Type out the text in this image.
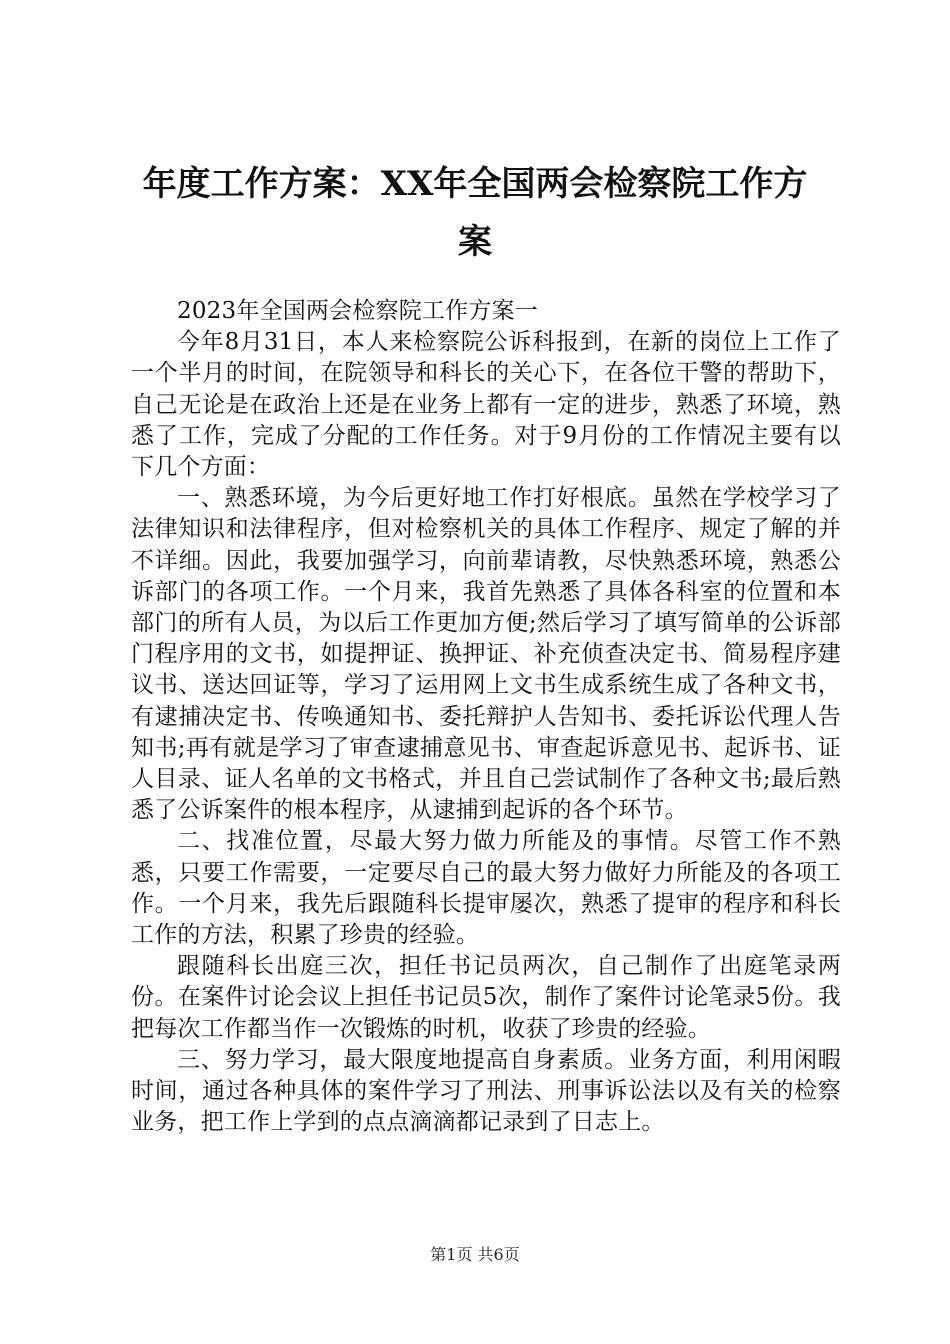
年度工作方案：XX年全国两会检察院工作方
案

2023年全国两会检察院工作方案一

今年8月31日，本人来检察院公诉科报到，在新的岗位上工作了一个半月的时间，在院领导和科长的关心下，在各位干警的帮助下，自己无论是在政治上还是在业务上都有一定的进步，熟悉了环境，熟悉了工作，完成了分配的工作任务。对于9月份的工作情况主要有以下几个方面：

一、熟悉环境，为今后更好地工作打好根底。虽然在学校学习了法律知识和法律程序，但对检察机关的具体工作程序、规定了解的并不详细。因此，我要加强学习，向前辈请教，尽快熟悉环境，熟悉公诉部门的各项工作。一个月来，我首先熟悉了具体各科室的位置和本部门的所有人员，为以后工作更加方便;然后学习了填写简单的公诉部门程序用的文书，如提押证、换押证、补充侦查决定书、简易程序建议书、送达回证等，学习了运用网上文书生成系统生成了各种文书，有逮捕决定书、传唤通知书、委托辩护人告知书、委托诉讼代理人告知书;再有就是学习了审查逮捕意见书、审查起诉意见书、起诉书、证人目录、证人名单的文书格式，并且自己尝试制作了各种文书;最后熟悉了公诉案件的根本程序，从逮捕到起诉的各个环节。

二、找准位置，尽最大努力做力所能及的事情。尽管工作不熟悉，只要工作需要，一定要尽自己的最大努力做好力所能及的各项工作。一个月来，我先后跟随科长提审屡次，熟悉了提审的程序和科长工作的方法，积累了珍贵的经验。

跟随科长出庭三次，担任书记员两次，自己制作了出庭笔录两份。在案件讨论会议上担任书记员5次，制作了案件讨论笔录5份。我把每次工作都当作一次锻炼的时机，收获了珍贵的经验。

三、努力学习，最大限度地提高自身素质。业务方面，利用闲暇时间，通过各种具体的案件学习了刑法、刑事诉讼法以及有关的检察业务，把工作上学到的点点滴滴都记录到了日志上。

第1页 共6页
